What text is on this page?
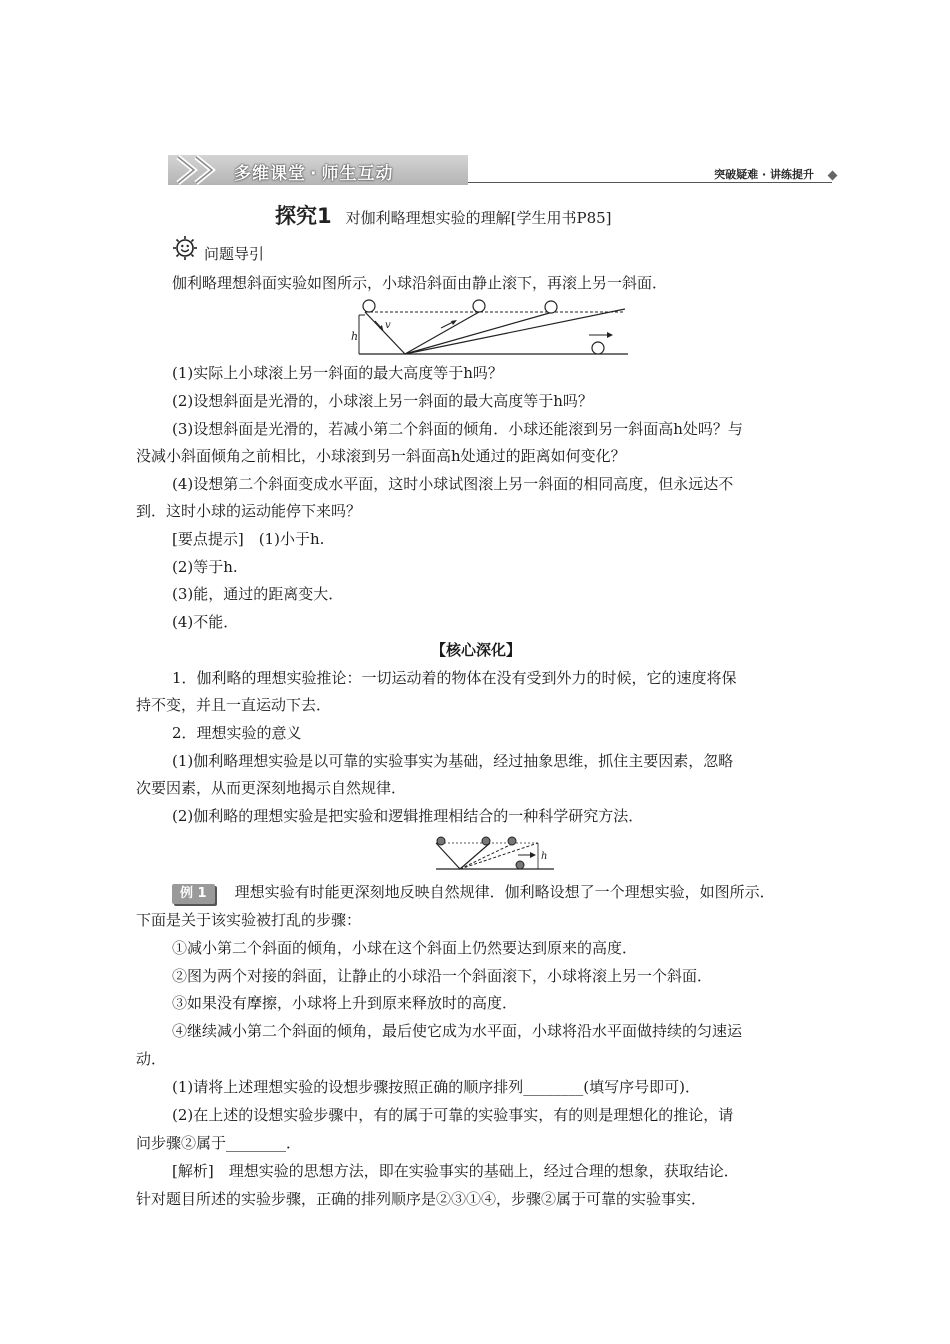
多维课堂 · 师生互动	突破疑难 · 讲练提升
探究1 对伽利略理想实验的理解[学生用书P85]
问题导引
伽利略理想斜面实验如图所示，小球沿斜面由静止滚下，再滚上另一斜面．
h
v
(1)实际上小球滚上另一斜面的最大高度等于h吗？
(2)设想斜面是光滑的，小球滚上另一斜面的最大高度等于h吗？
(3)设想斜面是光滑的，若减小第二个斜面的倾角．小球还能滚到另一斜面高h处吗？与
没减小斜面倾角之前相比，小球滚到另一斜面高h处通过的距离如何变化？
(4)设想第二个斜面变成水平面，这时小球试图滚上另一斜面的相同高度，但永远达不
到．这时小球的运动能停下来吗？
[要点提示]　(1)小于h.
(2)等于h.
(3)能，通过的距离变大．
(4)不能．
【核心深化】
1．伽利略的理想实验推论：一切运动着的物体在没有受到外力的时候，它的速度将保
持不变，并且一直运动下去．
2．理想实验的意义
(1)伽利略理想实验是以可靠的实验事实为基础，经过抽象思维，抓住主要因素，忽略
次要因素，从而更深刻地揭示自然规律．
(2)伽利略的理想实验是把实验和逻辑推理相结合的一种科学研究方法．
h
例 1 理想实验有时能更深刻地反映自然规律．伽利略设想了一个理想实验，如图所示．
下面是关于该实验被打乱的步骤：
①减小第二个斜面的倾角，小球在这个斜面上仍然要达到原来的高度．
②图为两个对接的斜面，让静止的小球沿一个斜面滚下，小球将滚上另一个斜面．
③如果没有摩擦，小球将上升到原来释放时的高度．
④继续减小第二个斜面的倾角，最后使它成为水平面，小球将沿水平面做持续的匀速运
动．
(1)请将上述理想实验的设想步骤按照正确的顺序排列________(填写序号即可)．
(2)在上述的设想实验步骤中，有的属于可靠的实验事实，有的则是理想化的推论，请
问步骤②属于________．
[解析]　理想实验的思想方法，即在实验事实的基础上，经过合理的想象，获取结论．
针对题目所述的实验步骤，正确的排列顺序是②③①④，步骤②属于可靠的实验事实．
